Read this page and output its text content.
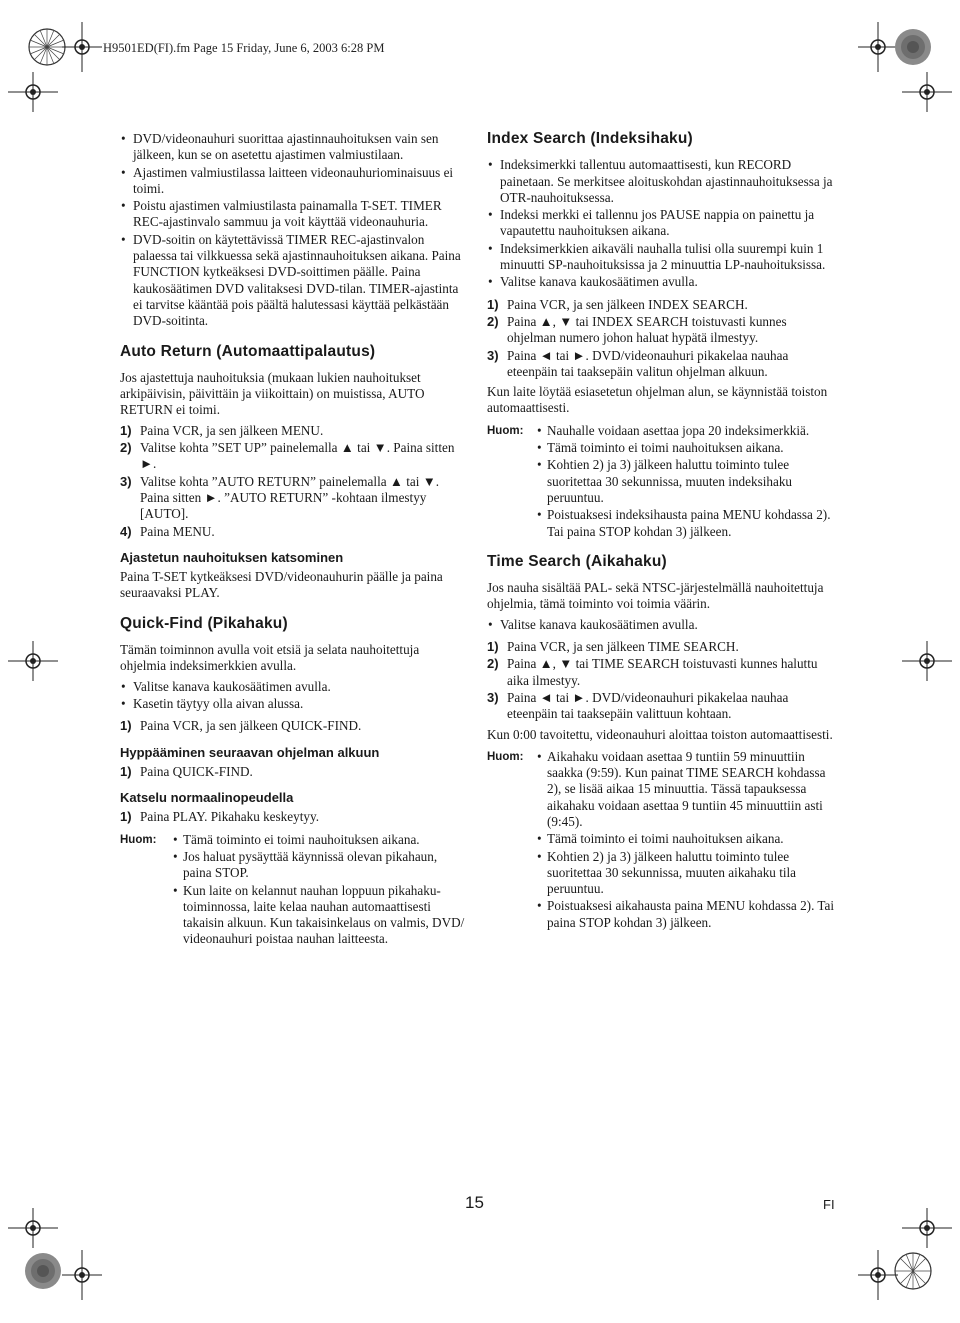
H9501ED(FI).fm Page 15 Friday, June 6, 2003 6:28 PM
• DVD/videonauhuri suorittaa ajastinnauhoituksen vain sen jälkeen, kun se on asetettu ajastimen valmiustilaan.
• Ajastimen valmiustilassa laitteen videonauhuriominaisuus ei toimi.
• Poistu ajastimen valmiustilasta painamalla T-SET. TIMER REC-ajastinvalo sammuu ja voit käyttää videonauhuria.
• DVD-soitin on käytettävissä TIMER REC-ajastinvalon palaessa tai vilkkuessa sekä ajastinnauhoituksen aikana. Paina FUNCTION kytkeäksesi DVD-soittimen päälle. Paina kaukosäätimen DVD valitaksesi DVD-tilan. TIMER-ajastinta ei tarvitse kääntää pois päältä halutessasi käyttää pelkästään DVD-soitinta.
Auto Return (Automaattipalautus)

Jos ajastettuja nauhoituksia (mukaan lukien nauhoitukset arkipäivisin, päivittäin ja viikoittain) on muistissa, AUTO RETURN ei toimi.

1) Paina VCR, ja sen jälkeen MENU.
2) Valitse kohta ”SET UP” painelemalla ▲ tai ▼. Paina sitten ►.
3) Valitse kohta ”AUTO RETURN” painelemalla ▲ tai ▼. Paina sitten ►. ”AUTO RETURN” -kohtaan ilmestyy [AUTO].
4) Paina MENU.
Ajastetun nauhoituksen katsominen

Paina T-SET kytkeäksesi DVD/videonauhurin päälle ja paina seuraavaksi PLAY.

Quick-Find (Pikahaku)

Tämän toiminnon avulla voit etsiä ja selata nauhoitettuja ohjelmia indeksimerkkien avulla.

• Valitse kanava kaukosäätimen avulla.
• Kasetin täytyy olla aivan alussa.
1) Paina VCR, ja sen jälkeen QUICK-FIND.
Hyppääminen seuraavan ohjelman alkuun
1) Paina QUICK-FIND.
Katselu normaalinopeudella
1) Paina PLAY. Pikahaku keskeytyy.
Huom: • Tämä toiminto ei toimi nauhoituksen aikana.
• Jos haluat pysäyttää käynnissä olevan pikahaun, paina STOP.
• Kun laite on kelannut nauhan loppuun pikahaku-toiminnossa, laite kelaa nauhan automaattisesti takaisin alkuun. Kun takaisinkelaus on valmis, DVD/ videonauhuri poistaa nauhan laitteesta.
Index Search (Indeksihaku)
• Indeksimerkki tallentuu automaattisesti, kun RECORD painetaan. Se merkitsee aloituskohdan ajastinnauhoituksessa ja OTR-nauhoituksessa.
• Indeksi merkki ei tallennu jos PAUSE nappia on painettu ja vapautettu nauhoituksen aikana.
• Indeksimerkkien aikaväli nauhalla tulisi olla suurempi kuin 1 minuutti SP-nauhoituksissa ja 2 minuuttia LP-nauhoituksissa.
• Valitse kanava kaukosäätimen avulla.
1) Paina VCR, ja sen jälkeen INDEX SEARCH.
2) Paina ▲, ▼ tai INDEX SEARCH toistuvasti kunnes ohjelman numero johon haluat hypätä ilmestyy.
3) Paina ◄ tai ►. DVD/videonauhuri pikakelaa nauhaa eteenpäin tai taaksepäin valitun ohjelman alkuun.

Kun laite löytää esiasetetun ohjelman alun, se käynnistää toiston automaattisesti.

Huom: • Nauhalle voidaan asettaa jopa 20 indeksimerkkiä.
• Tämä toiminto ei toimi nauhoituksen aikana.
• Kohtien 2) ja 3) jälkeen haluttu toiminto tulee suoritettaa 30 sekunnissa, muuten indeksihaku peruuntuu.
• Poistuaksesi indeksihausta paina MENU kohdassa 2). Tai paina STOP kohdan 3) jälkeen.
Time Search (Aikahaku)

Jos nauha sisältää PAL- sekä NTSC-järjestelmällä nauhoitettuja ohjelmia, tämä toiminto voi toimia väärin.

• Valitse kanava kaukosäätimen avulla.
1) Paina VCR, ja sen jälkeen TIME SEARCH.
2) Paina ▲, ▼ tai TIME SEARCH toistuvasti kunnes haluttu aika ilmestyy.
3) Paina ◄ tai ►. DVD/videonauhuri pikakelaa nauhaa eteenpäin tai taaksepäin valittuun kohtaan.

Kun 0:00 tavoitettu, videonauhuri aloittaa toiston automaattisesti.

Huom: • Aikahaku voidaan asettaa 9 tuntiin 59 minuuttiin saakka (9:59). Kun painat TIME SEARCH kohdassa 2), se lisää aikaa 15 minuuttia. Tässä tapauksessa aikahaku voidaan asettaa 9 tuntiin 45 minuuttiin asti (9:45).
• Tämä toiminto ei toimi nauhoituksen aikana.
• Kohtien 2) ja 3) jälkeen haluttu toiminto tulee suoritettaa 30 sekunnissa, muuten aikahaku tila peruuntuu.
• Poistuaksesi aikahausta paina MENU kohdassa 2). Tai paina STOP kohdan 3) jälkeen.
15	FI
